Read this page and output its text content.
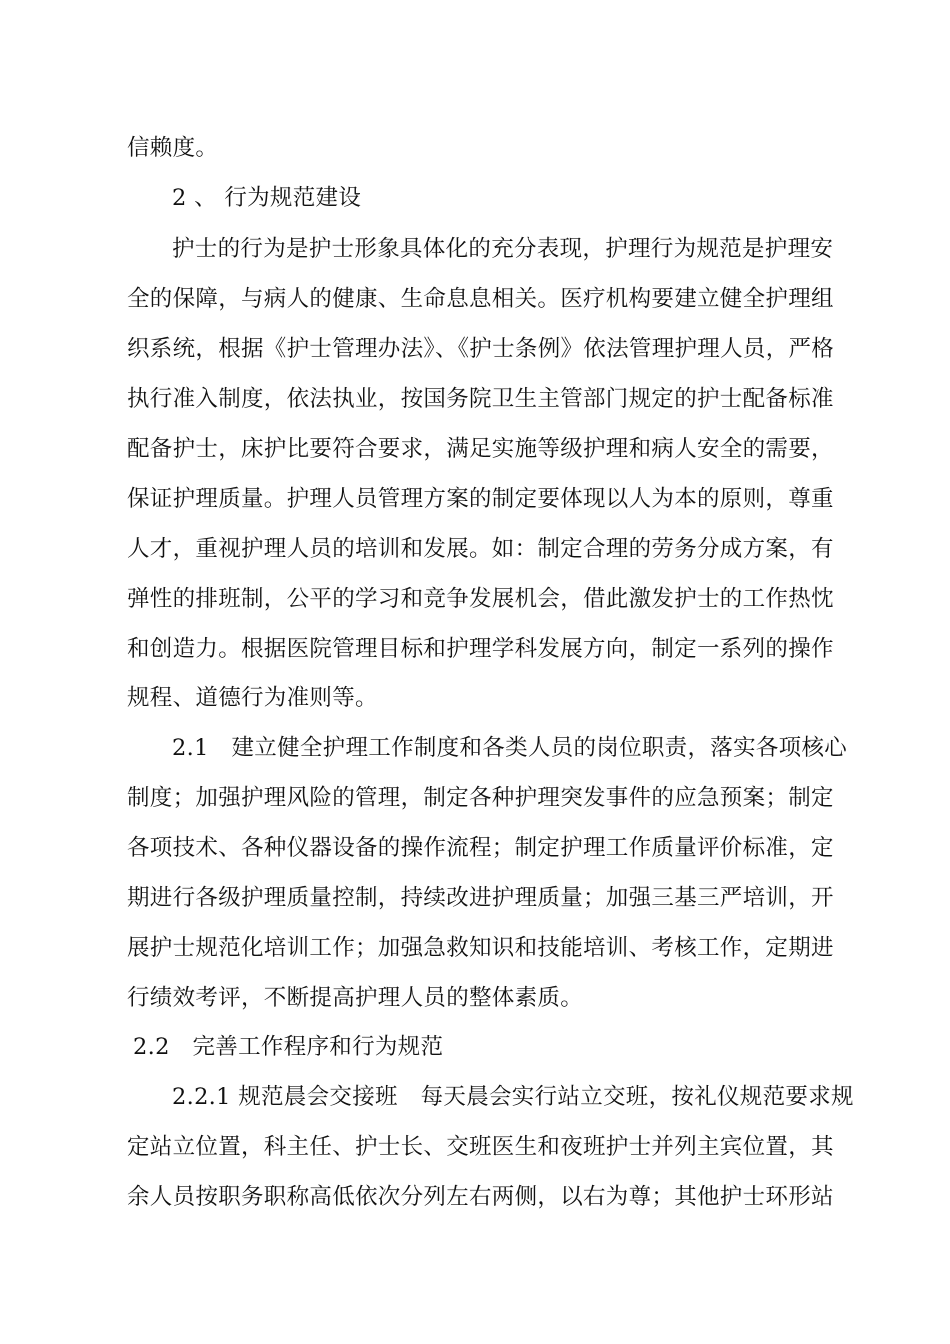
信赖度。
2 、 行为规范建设
护士的行为是护士形象具体化的充分表现，护理行为规范是护理安
全的保障，与病人的健康、生命息息相关。医疗机构要建立健全护理组
织系统，根据《护士管理办法》、《护士条例》依法管理护理人员，严格
执行准入制度，依法执业，按国务院卫生主管部门规定的护士配备标准
配备护士，床护比要符合要求，满足实施等级护理和病人安全的需要，
保证护理质量。护理人员管理方案的制定要体现以人为本的原则，尊重
人才，重视护理人员的培训和发展。如：制定合理的劳务分成方案，有
弹性的排班制，公平的学习和竞争发展机会，借此激发护士的工作热忱
和创造力。根据医院管理目标和护理学科发展方向，制定一系列的操作
规程、道德行为准则等。
2.1　建立健全护理工作制度和各类人员的岗位职责，落实各项核心
制度；加强护理风险的管理，制定各种护理突发事件的应急预案；制定
各项技术、各种仪器设备的操作流程；制定护理工作质量评价标准，定
期进行各级护理质量控制，持续改进护理质量；加强三基三严培训，开
展护士规范化培训工作；加强急救知识和技能培训、考核工作，定期进
行绩效考评，不断提高护理人员的整体素质。
2.2　完善工作程序和行为规范
2.2.1 规范晨会交接班　每天晨会实行站立交班，按礼仪规范要求规
定站立位置，科主任、护士长、交班医生和夜班护士并列主宾位置，其
余人员按职务职称高低依次分列左右两侧，以右为尊；其他护士环形站
